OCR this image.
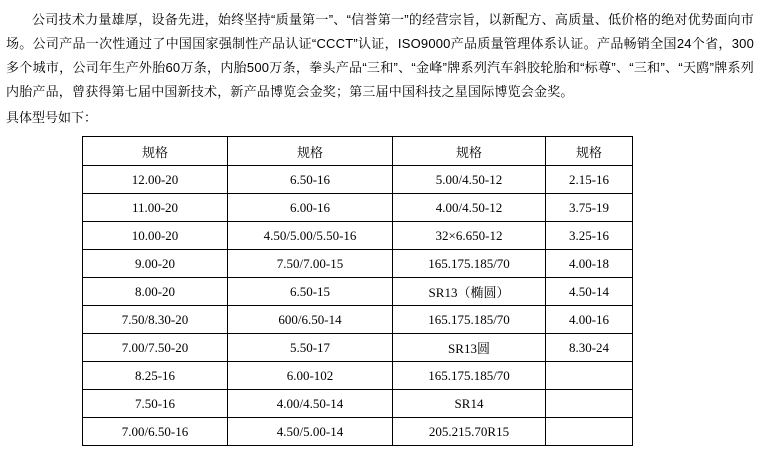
公司技术力量雄厚，设备先进，始终坚持“质量第一”、“信誉第一”的经营宗旨，以新配方、高质量、低价格的绝对优势面向市场。公司产品一次性通过了中国国家强制性产品认证“CCCT”认证，ISO9000产品质量管理体系认证。产品畅销全国24个省，300多个城市，公司年生产外胎60万条，内胎500万条，拳头产品“三和”、“金峰”牌系列汽车斜胶轮胎和“标尊”、“三和”、“天鸥”牌系列内胎产品，曾获得第七届中国新技术，新产品博览会金奖；第三届中国科技之星国际博览会金奖。

具体型号如下：

规格	规格	规格	规格
12.00-20	6.50-16	5.00/4.50-12	2.15-16
11.00-20	6.00-16	4.00/4.50-12	3.75-19
10.00-20	4.50/5.00/5.50-16	32×6.650-12	3.25-16
9.00-20	7.50/7.00-15	165.175.185/70	4.00-18
8.00-20	6.50-15	SR13（椭圆）	4.50-14
7.50/8.30-20	600/6.50-14	165.175.185/70	4.00-16
7.00/7.50-20	5.50-17	SR13圆	8.30-24
8.25-16	6.00-102	165.175.185/70	
7.50-16	4.00/4.50-14	SR14	
7.00/6.50-16	4.50/5.00-14	205.215.70R15	
